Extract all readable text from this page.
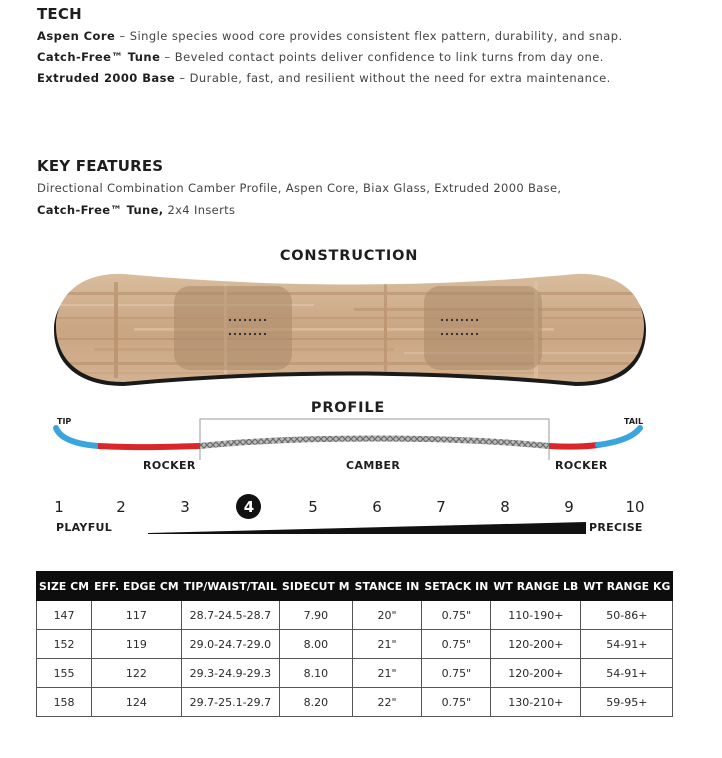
TECH
Aspen Core – Single species wood core provides consistent flex pattern, durability, and snap.
Catch-Free™ Tune – Beveled contact points deliver confidence to link turns from day one.
Extruded 2000 Base – Durable, fast, and resilient without the need for extra maintenance.
KEY FEATURES
Directional Combination Camber Profile, Aspen Core, Biax Glass, Extruded 2000 Base,
Catch-Free™ Tune, 2x4 Inserts
CONSTRUCTION
PROFILE
TIP	TAIL
ROCKER	CAMBER	ROCKER
1	2	3	4	5	6	7	8	9	10
PLAYFUL	PRECISE
SIZE CM	EFF. EDGE CM	TIP/WAIST/TAIL	SIDECUT M	STANCE IN	SETACK IN	WT RANGE LB	WT RANGE KG
147	117	28.7-24.5-28.7	7.90	20"	0.75"	110-190+	50-86+
152	119	29.0-24.7-29.0	8.00	21"	0.75"	120-200+	54-91+
155	122	29.3-24.9-29.3	8.10	21"	0.75"	120-200+	54-91+
158	124	29.7-25.1-29.7	8.20	22"	0.75"	130-210+	59-95+
